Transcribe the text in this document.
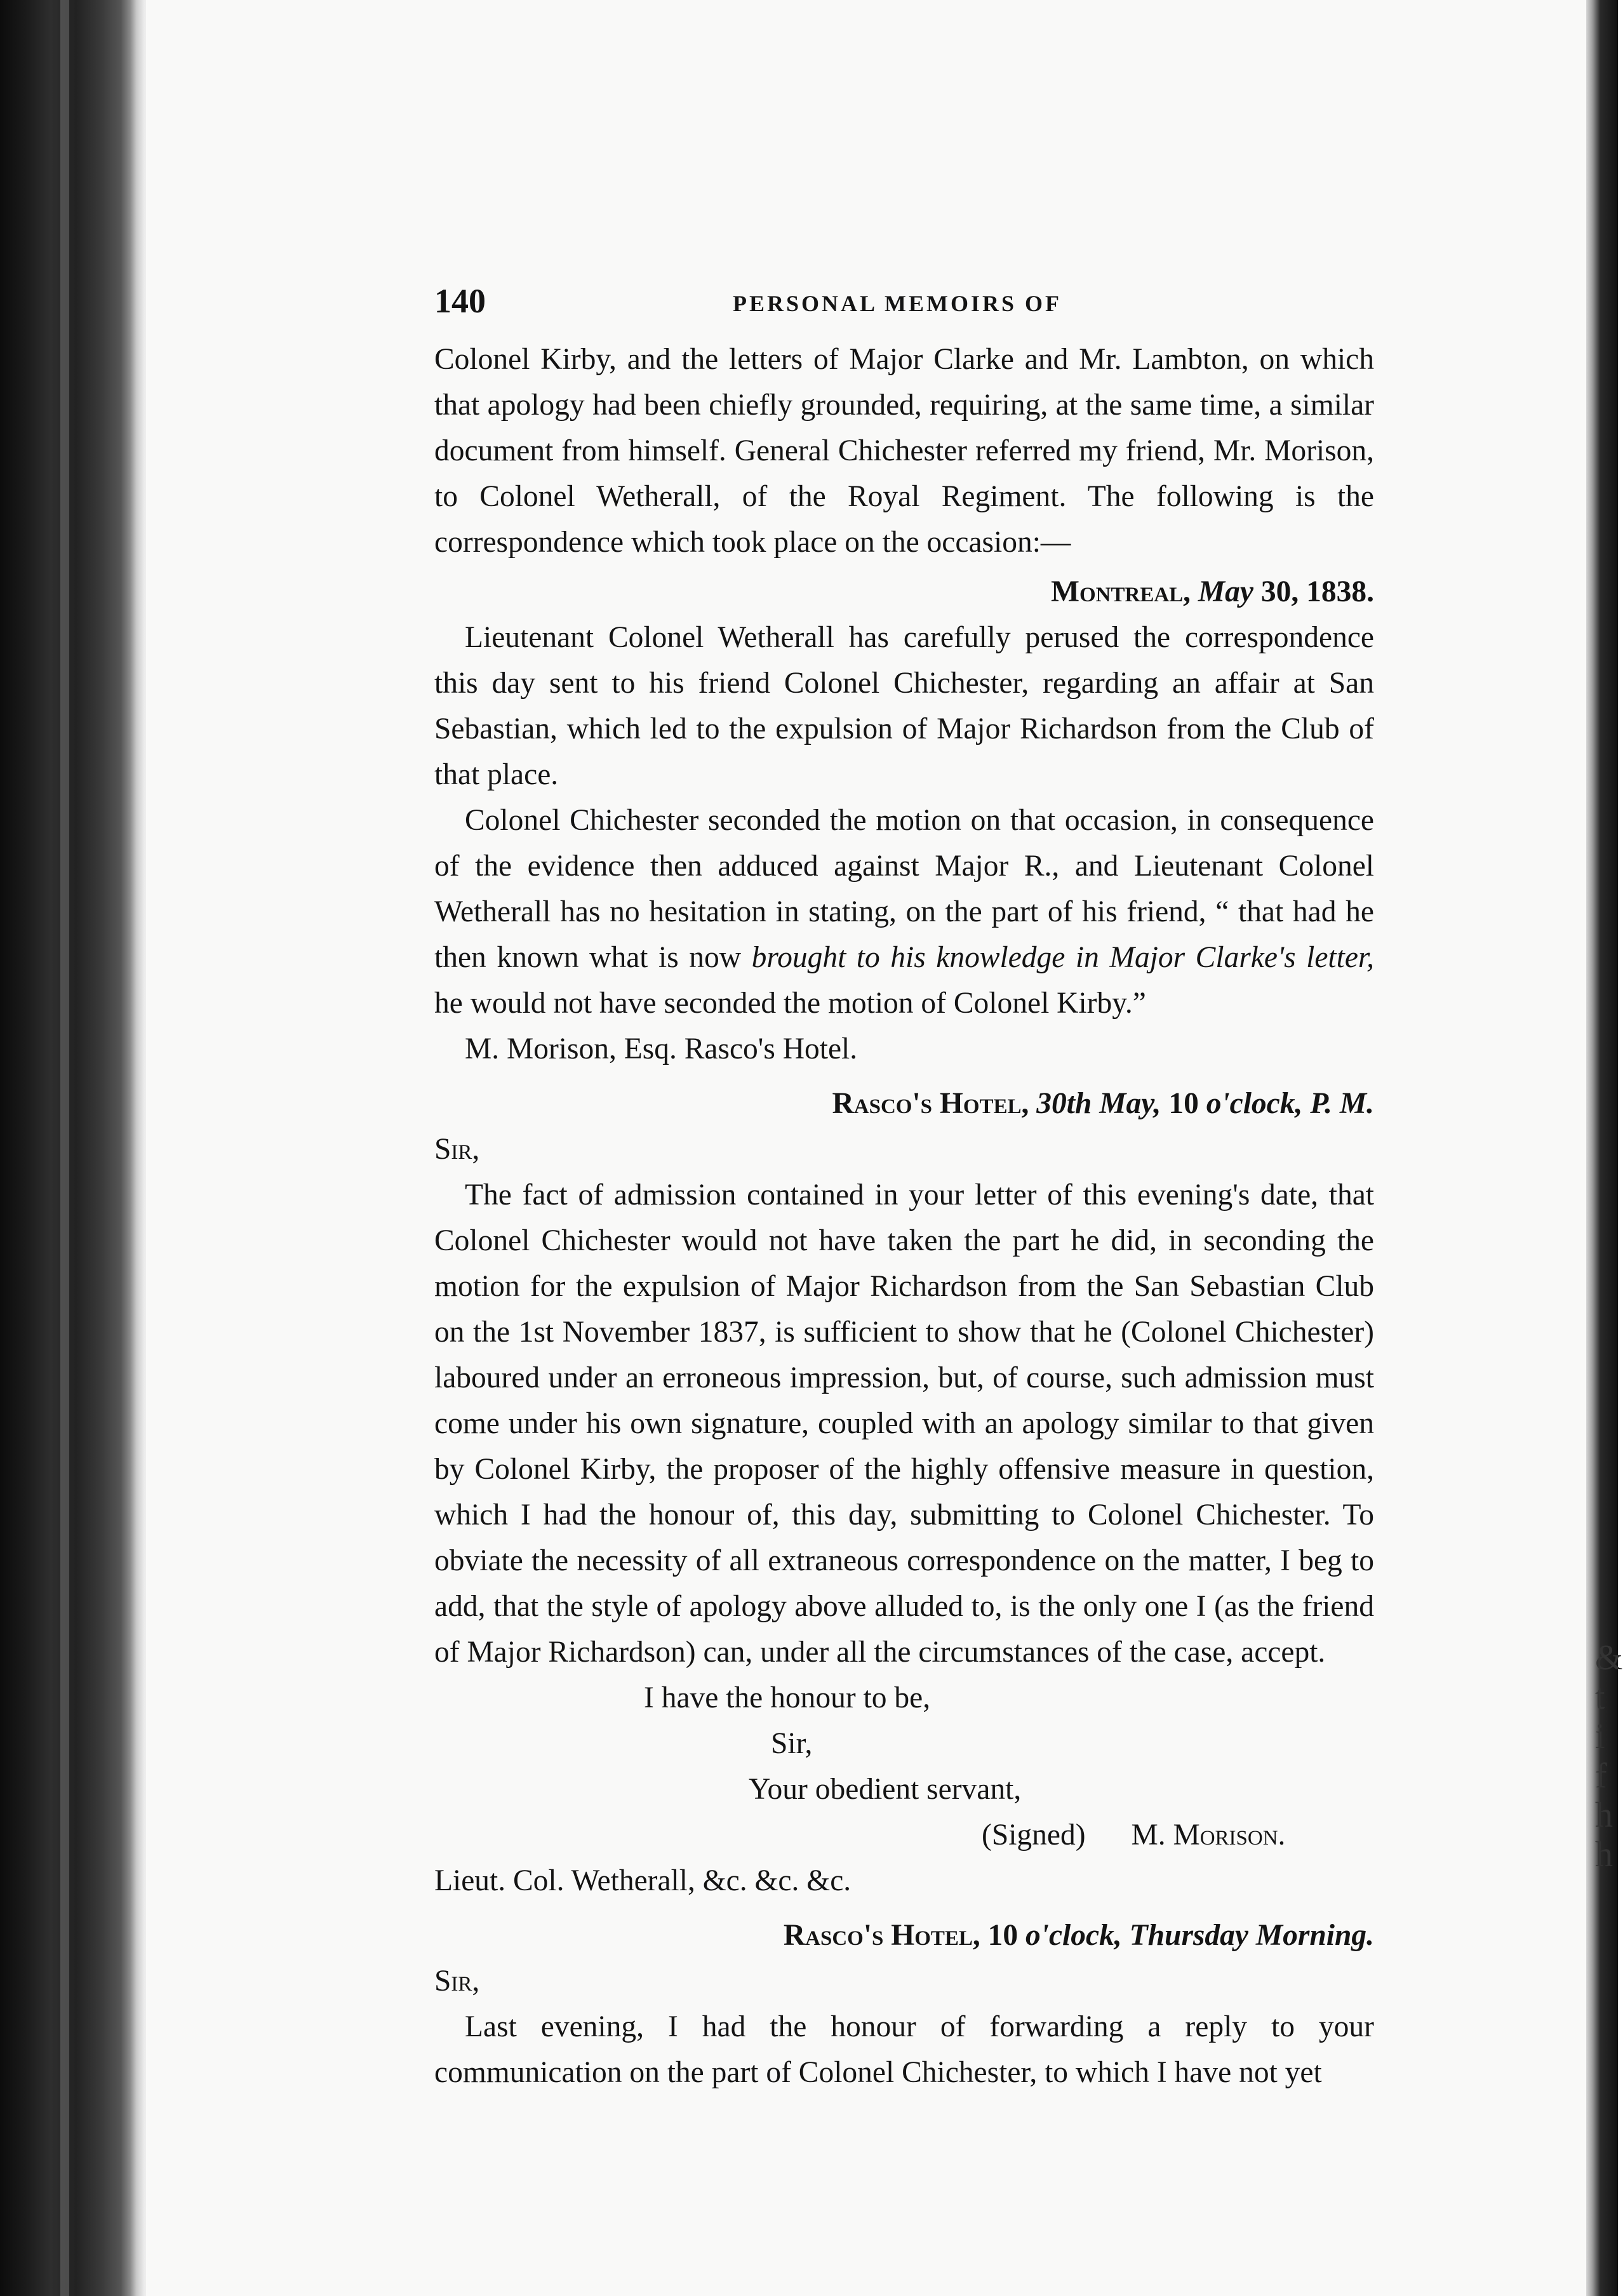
&
t
i
f
h
h
140	PERSONAL MEMOIRS OF

Colonel Kirby, and the letters of Major Clarke and Mr. Lambton, on which that apology had been chiefly grounded, requiring, at the same time, a similar document from himself. General Chichester referred my friend, Mr. Morison, to Colonel Wetherall, of the Royal Regiment. The following is the correspondence which took place on the occasion:—

Montreal, May 30, 1838.

Lieutenant Colonel Wetherall has carefully perused the correspondence this day sent to his friend Colonel Chichester, regarding an affair at San Sebastian, which led to the expulsion of Major Richardson from the Club of that place.

Colonel Chichester seconded the motion on that occasion, in consequence of the evidence then adduced against Major R., and Lieutenant Colonel Wetherall has no hesitation in stating, on the part of his friend, “ that had he then known what is now brought to his knowledge in Major Clarke's letter, he would not have seconded the motion of Colonel Kirby.”

M. Morison, Esq. Rasco's Hotel.

Rasco's Hotel, 30th May, 10 o'clock, P. M.

Sir,

The fact of admission contained in your letter of this evening's date, that Colonel Chichester would not have taken the part he did, in seconding the motion for the expulsion of Major Richardson from the San Sebastian Club on the 1st November 1837, is sufficient to show that he (Colonel Chichester) laboured under an erroneous impression, but, of course, such admission must come under his own signature, coupled with an apology similar to that given by Colonel Kirby, the proposer of the highly offensive measure in question, which I had the honour of, this day, submitting to Colonel Chichester. To obviate the necessity of all extraneous correspondence on the matter, I beg to add, that the style of apology above alluded to, is the only one I (as the friend of Major Richardson) can, under all the circumstances of the case, accept.

I have the honour to be,

Sir,

Your obedient servant,

(Signed) M. Morison.

Lieut. Col. Wetherall, &c. &c. &c.

Rasco's Hotel, 10 o'clock, Thursday Morning.

Sir,

Last evening, I had the honour of forwarding a reply to your communication on the part of Colonel Chichester, to which I have not yet
